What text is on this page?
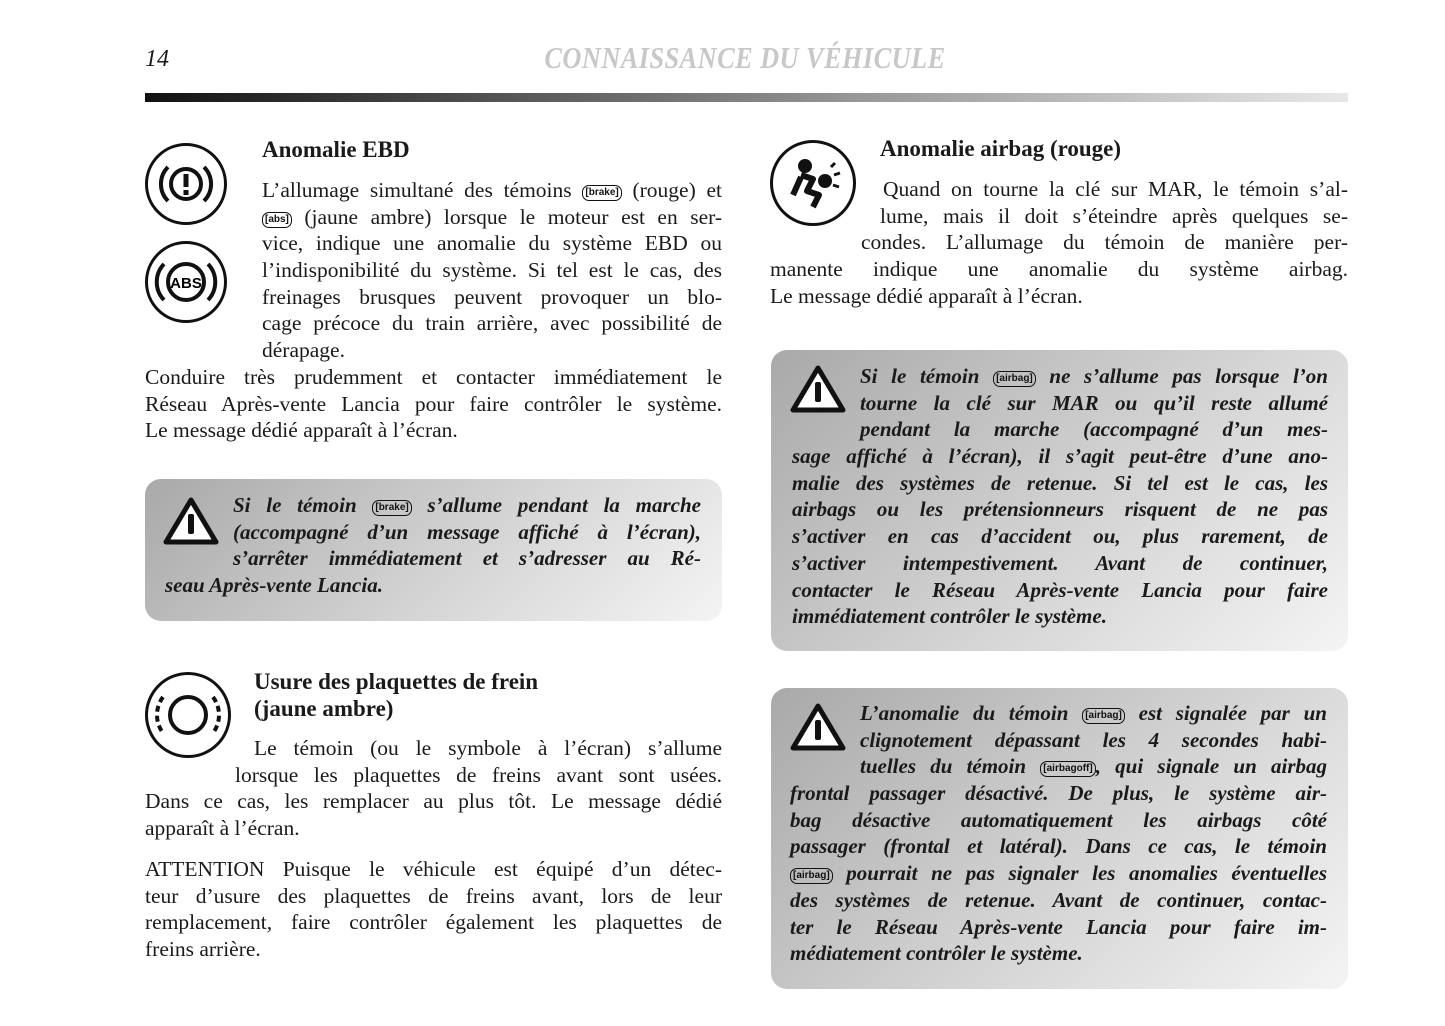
14	CONNAISSANCE DU VÉHICULE
ABS
Anomalie EBD
L’allumage simultané des témoins [brake] (rouge) et
[abs] (jaune ambre) lorsque le moteur est en ser-
vice, indique une anomalie du système EBD ou
l’indisponibilité du système. Si tel est le cas, des
freinages brusques peuvent provoquer un blo-
cage précoce du train arrière, avec possibilité de
dérapage.
Conduire très prudemment et contacter immédiatement le
Réseau Après-vente Lancia pour faire contrôler le système.
Le message dédié apparaît à l’écran.
Si le témoin [brake] s’allume pendant la marche
(accompagné d’un message affiché à l’écran),
s’arrêter immédiatement et s’adresser au Ré-
seau Après-vente Lancia.
Usure des plaquettes de frein
(jaune ambre)
Le témoin (ou le symbole à l’écran) s’allume
lorsque les plaquettes de freins avant sont usées.
Dans ce cas, les remplacer au plus tôt. Le message dédié
apparaît à l’écran.
ATTENTION Puisque le véhicule est équipé d’un détec-
teur d’usure des plaquettes de freins avant, lors de leur
remplacement, faire contrôler également les plaquettes de
freins arrière.
Anomalie airbag (rouge)
Quand on tourne la clé sur MAR, le témoin s’al-
lume, mais il doit s’éteindre après quelques se-
condes. L’allumage du témoin de manière per-
manente indique une anomalie du système airbag.
Le message dédié apparaît à l’écran.
Si le témoin [airbag] ne s’allume pas lorsque l’on
tourne la clé sur MAR ou qu’il reste allumé
pendant la marche (accompagné d’un mes-
sage affiché à l’écran), il s’agit peut-être d’une ano-
malie des systèmes de retenue. Si tel est le cas, les
airbags ou les prétensionneurs risquent de ne pas
s’activer en cas d’accident ou, plus rarement, de
s’activer intempestivement. Avant de continuer,
contacter le Réseau Après-vente Lancia pour faire
immédiatement contrôler le système.
L’anomalie du témoin [airbag] est signalée par un
clignotement dépassant les 4 secondes habi-
tuelles du témoin [airbagoff] , qui signale un airbag
frontal passager désactivé. De plus, le système air-
bag désactive automatiquement les airbags côté
passager (frontal et latéral). Dans ce cas, le témoin
[airbag] pourrait ne pas signaler les anomalies éventuelles
des systèmes de retenue. Avant de continuer, contac-
ter le Réseau Après-vente Lancia pour faire im-
médiatement contrôler le système.
